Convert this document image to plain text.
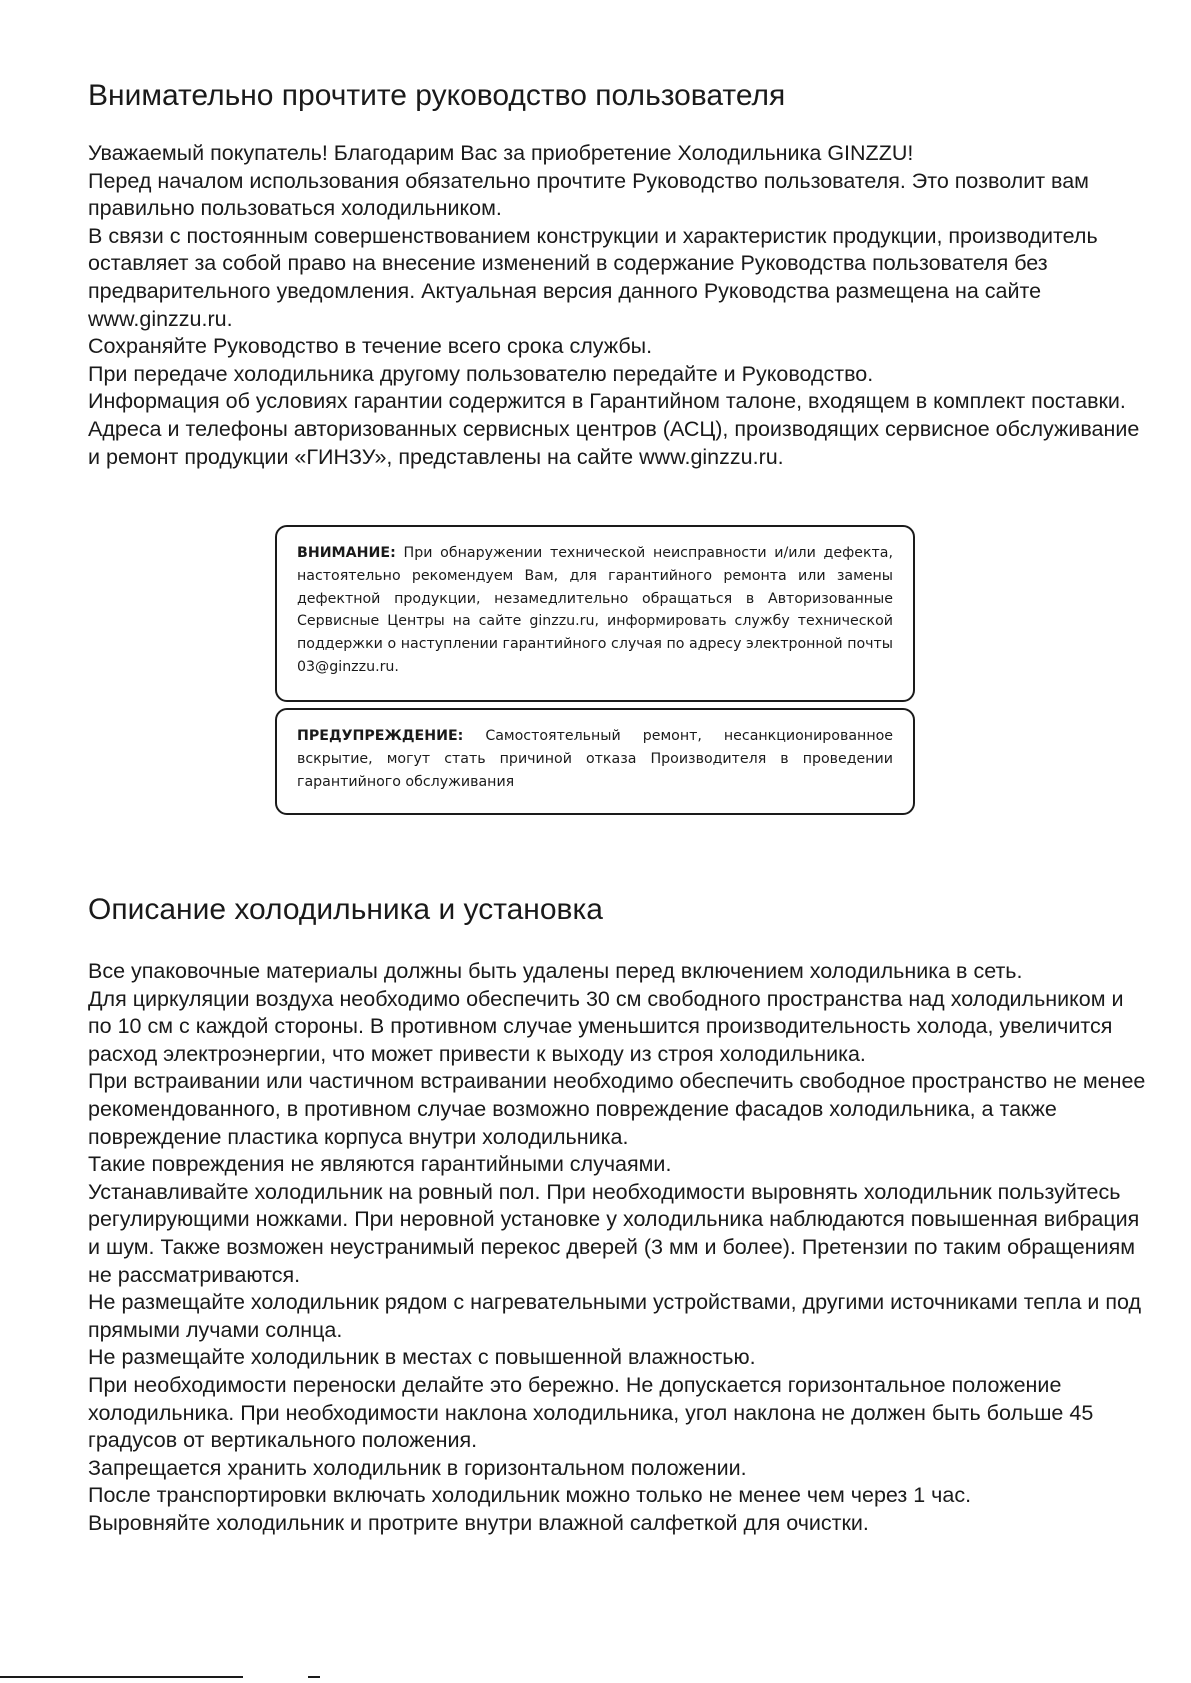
Внимательно прочтите руководство пользователя

Уважаемый покупатель! Благодарим Вас за приобретение Холодильника GINZZU!

Перед началом использования обязательно прочтите Руководство пользователя. Это позволит вам правильно пользоваться холодильником.

В связи с постоянным совершенствованием конструкции и характеристик продукции, производитель оставляет за собой право на внесение изменений в содержание Руководства пользователя без предварительного уведомления. Актуальная версия данного Руководства размещена на сайте www.ginzzu.ru.

Сохраняйте Руководство в течение всего срока службы.

При передаче холодильника другому пользователю передайте и Руководство.

Информация об условиях гарантии содержится в Гарантийном талоне, входящем в комплект поставки. Адреса и телефоны авторизованных сервисных центров (АСЦ), производящих сервисное обслуживание и ремонт продукции «ГИНЗУ», представлены на сайте www.ginzzu.ru.

ВНИМАНИЕ: При обнаружении технической неисправности и/или дефекта, настоятельно рекомендуем Вам, для гарантийного ремонта или замены дефектной продукции, незамедлительно обращаться в Авторизованные Сервисные Центры на сайте ginzzu.ru, информировать службу технической поддержки о наступлении гарантийного случая по адресу электронной почты 03@ginzzu.ru.
ПРЕДУПРЕЖДЕНИЕ: Самостоятельный ремонт, несанкционированное вскрытие, могут стать причиной отказа Производителя в проведении гарантийного обслуживания
Описание холодильника и установка

Все упаковочные материалы должны быть удалены перед включением холодильника в сеть.

Для циркуляции воздуха необходимо обеспечить 30 см свободного пространства над холодильником и по 10 см с каждой стороны. В противном случае уменьшится производительность холода, увеличится расход электроэнергии, что может привести к выходу из строя холодильника.

При встраивании или частичном встраивании необходимо обеспечить свободное пространство не менее рекомендованного, в противном случае возможно повреждение фасадов холодильника, а также повреждение пластика корпуса внутри холодильника.

Такие повреждения не являются гарантийными случаями.

Устанавливайте холодильник на ровный пол. При необходимости выровнять холодильник пользуйтесь регулирующими ножками. При неровной установке у холодильника наблюдаются повышенная вибрация и шум. Также возможен неустранимый перекос дверей (3 мм и более). Претензии по таким обращениям не рассматриваются.

Не размещайте холодильник рядом с нагревательными устройствами, другими источниками тепла и под прямыми лучами солнца.

Не размещайте холодильник в местах с повышенной влажностью.

При необходимости переноски делайте это бережно. Не допускается горизонтальное положение холодильника. При необходимости наклона холодильника, угол наклона не должен быть больше 45 градусов от вертикального положения.

Запрещается хранить холодильник в горизонтальном положении.

После транспортировки включать холодильник можно только не менее чем через 1 час.

Выровняйте холодильник и протрите внутри влажной салфеткой для очистки.
